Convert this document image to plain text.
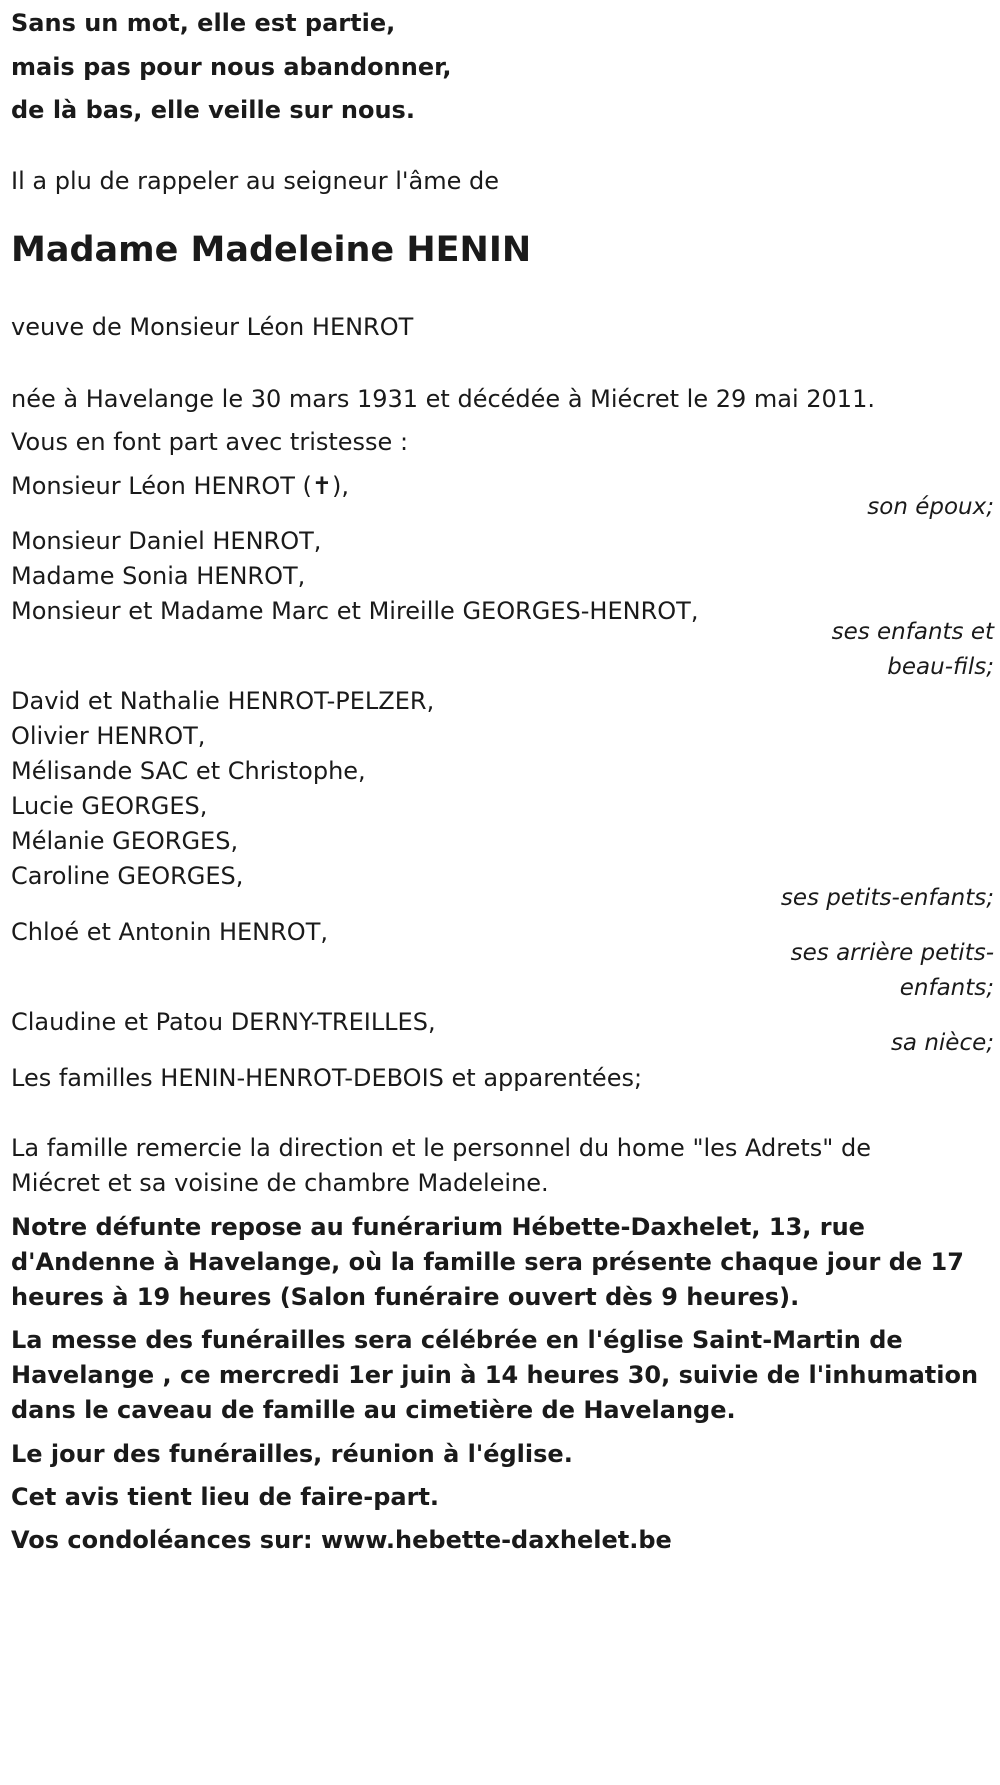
Sans un mot, elle est partie,

mais pas pour nous abandonner,

de là bas, elle veille sur nous.

Il a plu de rappeler au seigneur l'âme de
Madame Madeleine HENIN
veuve de Monsieur Léon HENROT
née à Havelange le 30 mars 1931 et décédée à Miécret le 29 mai 2011.
Vous en font part avec tristesse :
Monsieur Léon HENROT (✝),
son époux;
Monsieur Daniel HENROT,
Madame Sonia HENROT,
Monsieur et Madame Marc et Mireille GEORGES-HENROT,
ses enfants et
beau-fils;
David et Nathalie HENROT-PELZER,
Olivier HENROT,
Mélisande SAC et Christophe,
Lucie GEORGES,
Mélanie GEORGES,
Caroline GEORGES,
ses petits-enfants;
Chloé et Antonin HENROT,
ses arrière petits-
enfants;
Claudine et Patou DERNY-TREILLES,
sa nièce;
Les familles HENIN-HENROT-DEBOIS et apparentées;
La famille remercie la direction et le personnel du home "les Adrets" de
Miécret et sa voisine de chambre Madeleine.
Notre défunte repose au funérarium Hébette-Daxhelet, 13, rue
d'Andenne à Havelange, où la famille sera présente chaque jour de 17
heures à 19 heures (Salon funéraire ouvert dès 9 heures).
La messe des funérailles sera célébrée en l'église Saint-Martin de
Havelange , ce mercredi 1er juin à 14 heures 30, suivie de l'inhumation
dans le caveau de famille au cimetière de Havelange.
Le jour des funérailles, réunion à l'église.
Cet avis tient lieu de faire-part.
Vos condoléances sur: www.hebette-daxhelet.be
